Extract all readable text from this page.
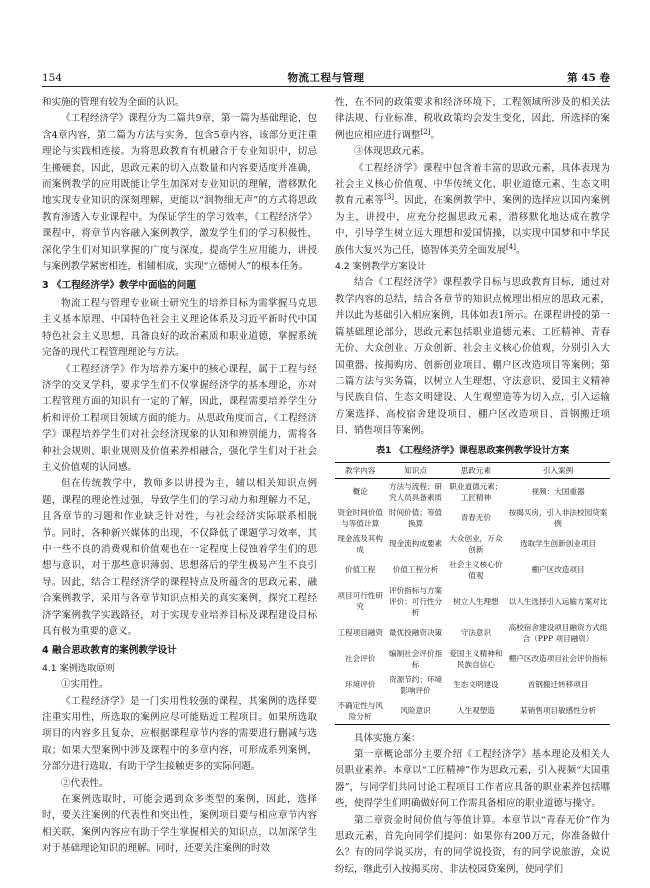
154	物流工程与管理	第 45 卷

和实施的管理有较为全面的认识。

《工程经济学》课程分为二篇共9章，第一篇为基础理论，包含4章内容，第二篇为方法与实务，包含5章内容，该部分更注重理论与实践相连接。为将思政教育有机融合于专业知识中，切忌生搬硬套，因此，思政元素的切入点数量和内容要适度并准确，而案例教学的应用既能让学生加深对专业知识的理解，潜移默化地实现专业知识的深刻理解，更能以“润物细无声”的方式将思政教育渗透入专业课程中。为保证学生的学习效率，《工程经济学》课程中，将章节内容融入案例教学，激发学生们的学习积极性，深化学生们对知识掌握的广度与深度，提高学生应用能力，讲授与案例教学紧密相连，相辅相成，实现“立德树人”的根本任务。

3 《工程经济学》教学中面临的问题

物流工程与管理专业硕士研究生的培养目标为需掌握马克思主义基本原理、中国特色社会主义理论体系及习近平新时代中国特色社会主义思想，具备良好的政治素质和职业道德，掌握系统完备的现代工程管理理论与方法。

《工程经济学》作为培养方案中的核心课程，属于工程与经济学的交叉学科，要求学生们不仅掌握经济学的基本理论，亦对工程管理方面的知识有一定的了解，因此，课程需要培养学生分析和评价工程项目领域方面的能力。从思政角度而言，《工程经济学》课程培养学生们对社会经济现象的认知和辨别能力，需将各种社会规则、职业规则及价值素养相融合，强化学生们对于社会主义价值观的认同感。

但在传统教学中，教师多以讲授为主，辅以相关知识点例题，课程的理论性过强，导致学生们的学习动力和理解力不足，且各章节的习题和作业缺乏针对性，与社会经济实际联系相脱节。同时，各种新兴媒体的出现，不仅降低了课题学习效率，其中一些不良的消费观和价值观也在一定程度上侵蚀着学生们的思想与意识，对于那些意识薄弱、思想落后的学生极易产生不良引导。因此，结合工程经济学的课程特点及所蕴含的思政元素，融合案例教学，采用与各章节知识点相关的真实案例，探究工程经济学案例教学实践路径，对于实现专业培养目标及课程建设目标具有极为重要的意义。

4 融合思政教育的案例教学设计
4.1 案例选取原则

①实用性。

《工程经济学》是一门实用性较强的课程，其案例的选择要注重实用性，所选取的案例应尽可能贴近工程项目。如果所选取项目的内容多且复杂，应根据课程章节内容的需要进行删减与选取；如果大型案例中涉及课程中的多章内容，可形成系列案例，分部分进行选取，有助于学生接触更多的实际问题。

②代表性。

在案例选取时，可能会遇到众多类型的案例，因此，选择时，要关注案例的代表性和突出性，案例项目要与相应章节内容相关联，案例内容应有助于学生掌握相关的知识点，以加深学生对于基础理论知识的理解。同时，还要关注案例的时效

性，在不同的政策要求和经济环境下，工程领域所涉及的相关法律法规、行业标准、税收政策均会发生变化，因此，所选择的案例也应相应进行调整[2]。

③体现思政元素。

《工程经济学》课程中包含着丰富的思政元素，具体表现为社会主义核心价值观、中华传统文化、职业道德元素、生态文明教育元素等[3]。因此，在案例教学中，案例的选择应以国内案例为主，讲授中，应充分挖掘思政元素，潜移默化地达成在教学中，引导学生树立远大理想和爱国情操，以实现中国梦和中华民族伟大复兴为己任，德智体美劳全面发展[4]。

4.2 案例教学方案设计

结合《工程经济学》课程教学目标与思政教育目标，通过对教学内容的总结，结合各章节的知识点梳理出相应的思政元素，并以此为基础引入相应案例，具体如表1所示。在课程讲授的第一篇基础理论部分，思政元素包括职业道德元素、工匠精神、青春无价、大众创业、万众创新、社会主义核心价值观，分别引入大国重器、按揭购房、创新创业项目、棚户区改造项目等案例；第二篇方法与实务篇，以树立人生理想、守法意识、爱国主义精神与民族自信、生态文明建设、人生观塑造等为切入点，引入运输方案选择、高校宿舍建设项目、棚户区改造项目、首钢搬迁项目、销售项目等案例。

表1 《工程经济学》课程思政案例教学设计方案
教学内容	知识点	思政元素	引入案例
概论	方法与流程；研究人员具备素质	职业道德元素；工匠精神	视频：大国重器
资金时间价值与等值计算	时间价值；等值换算	青春无价	按揭买房，引入非法校园贷案例
现金流及其构成	现金流构成要素	大众创业，万众创新	选取学生创新创业项目
价值工程	价值工程分析	社会主义核心价值观	棚户区改造项目
项目可行性研究	评价指标与方案评价；可行性分析	树立人生理想	以人生选择引入运输方案对比
工程项目融资	最优投融资决策	守法意识	高校宿舍建设项目融资方式组合（PPP 项目融资）
社会评价	编制社会评价指标	爱国主义精神和民族自信心	棚户区改造项目社会评价指标
环境评价	资源节约；环境影响评价	生态文明建设	首钢搬迁转移项目
不确定性与风险分析	风险意识	人生观塑造	某销售项目敏感性分析

具体实施方案：

第一章概论部分主要介绍《工程经济学》基本理论及相关人员职业素养。本章以“工匠精神”作为思政元素，引入视频“大国重器”，与同学们共同讨论工程项目工作者应具备的职业素养包括哪些，使得学生们明确做好何工作需具备相应的职业道德与操守。

第二章资金时间价值与等值计算。本章节以“青春无价”作为思政元素，首先向同学们提问：如果你有200万元，你准备做什么？有的同学说买房，有的同学说投资，有的同学说旅游，众说纷纭，继此引入按揭买房、非法校园贷案例，使同学们
